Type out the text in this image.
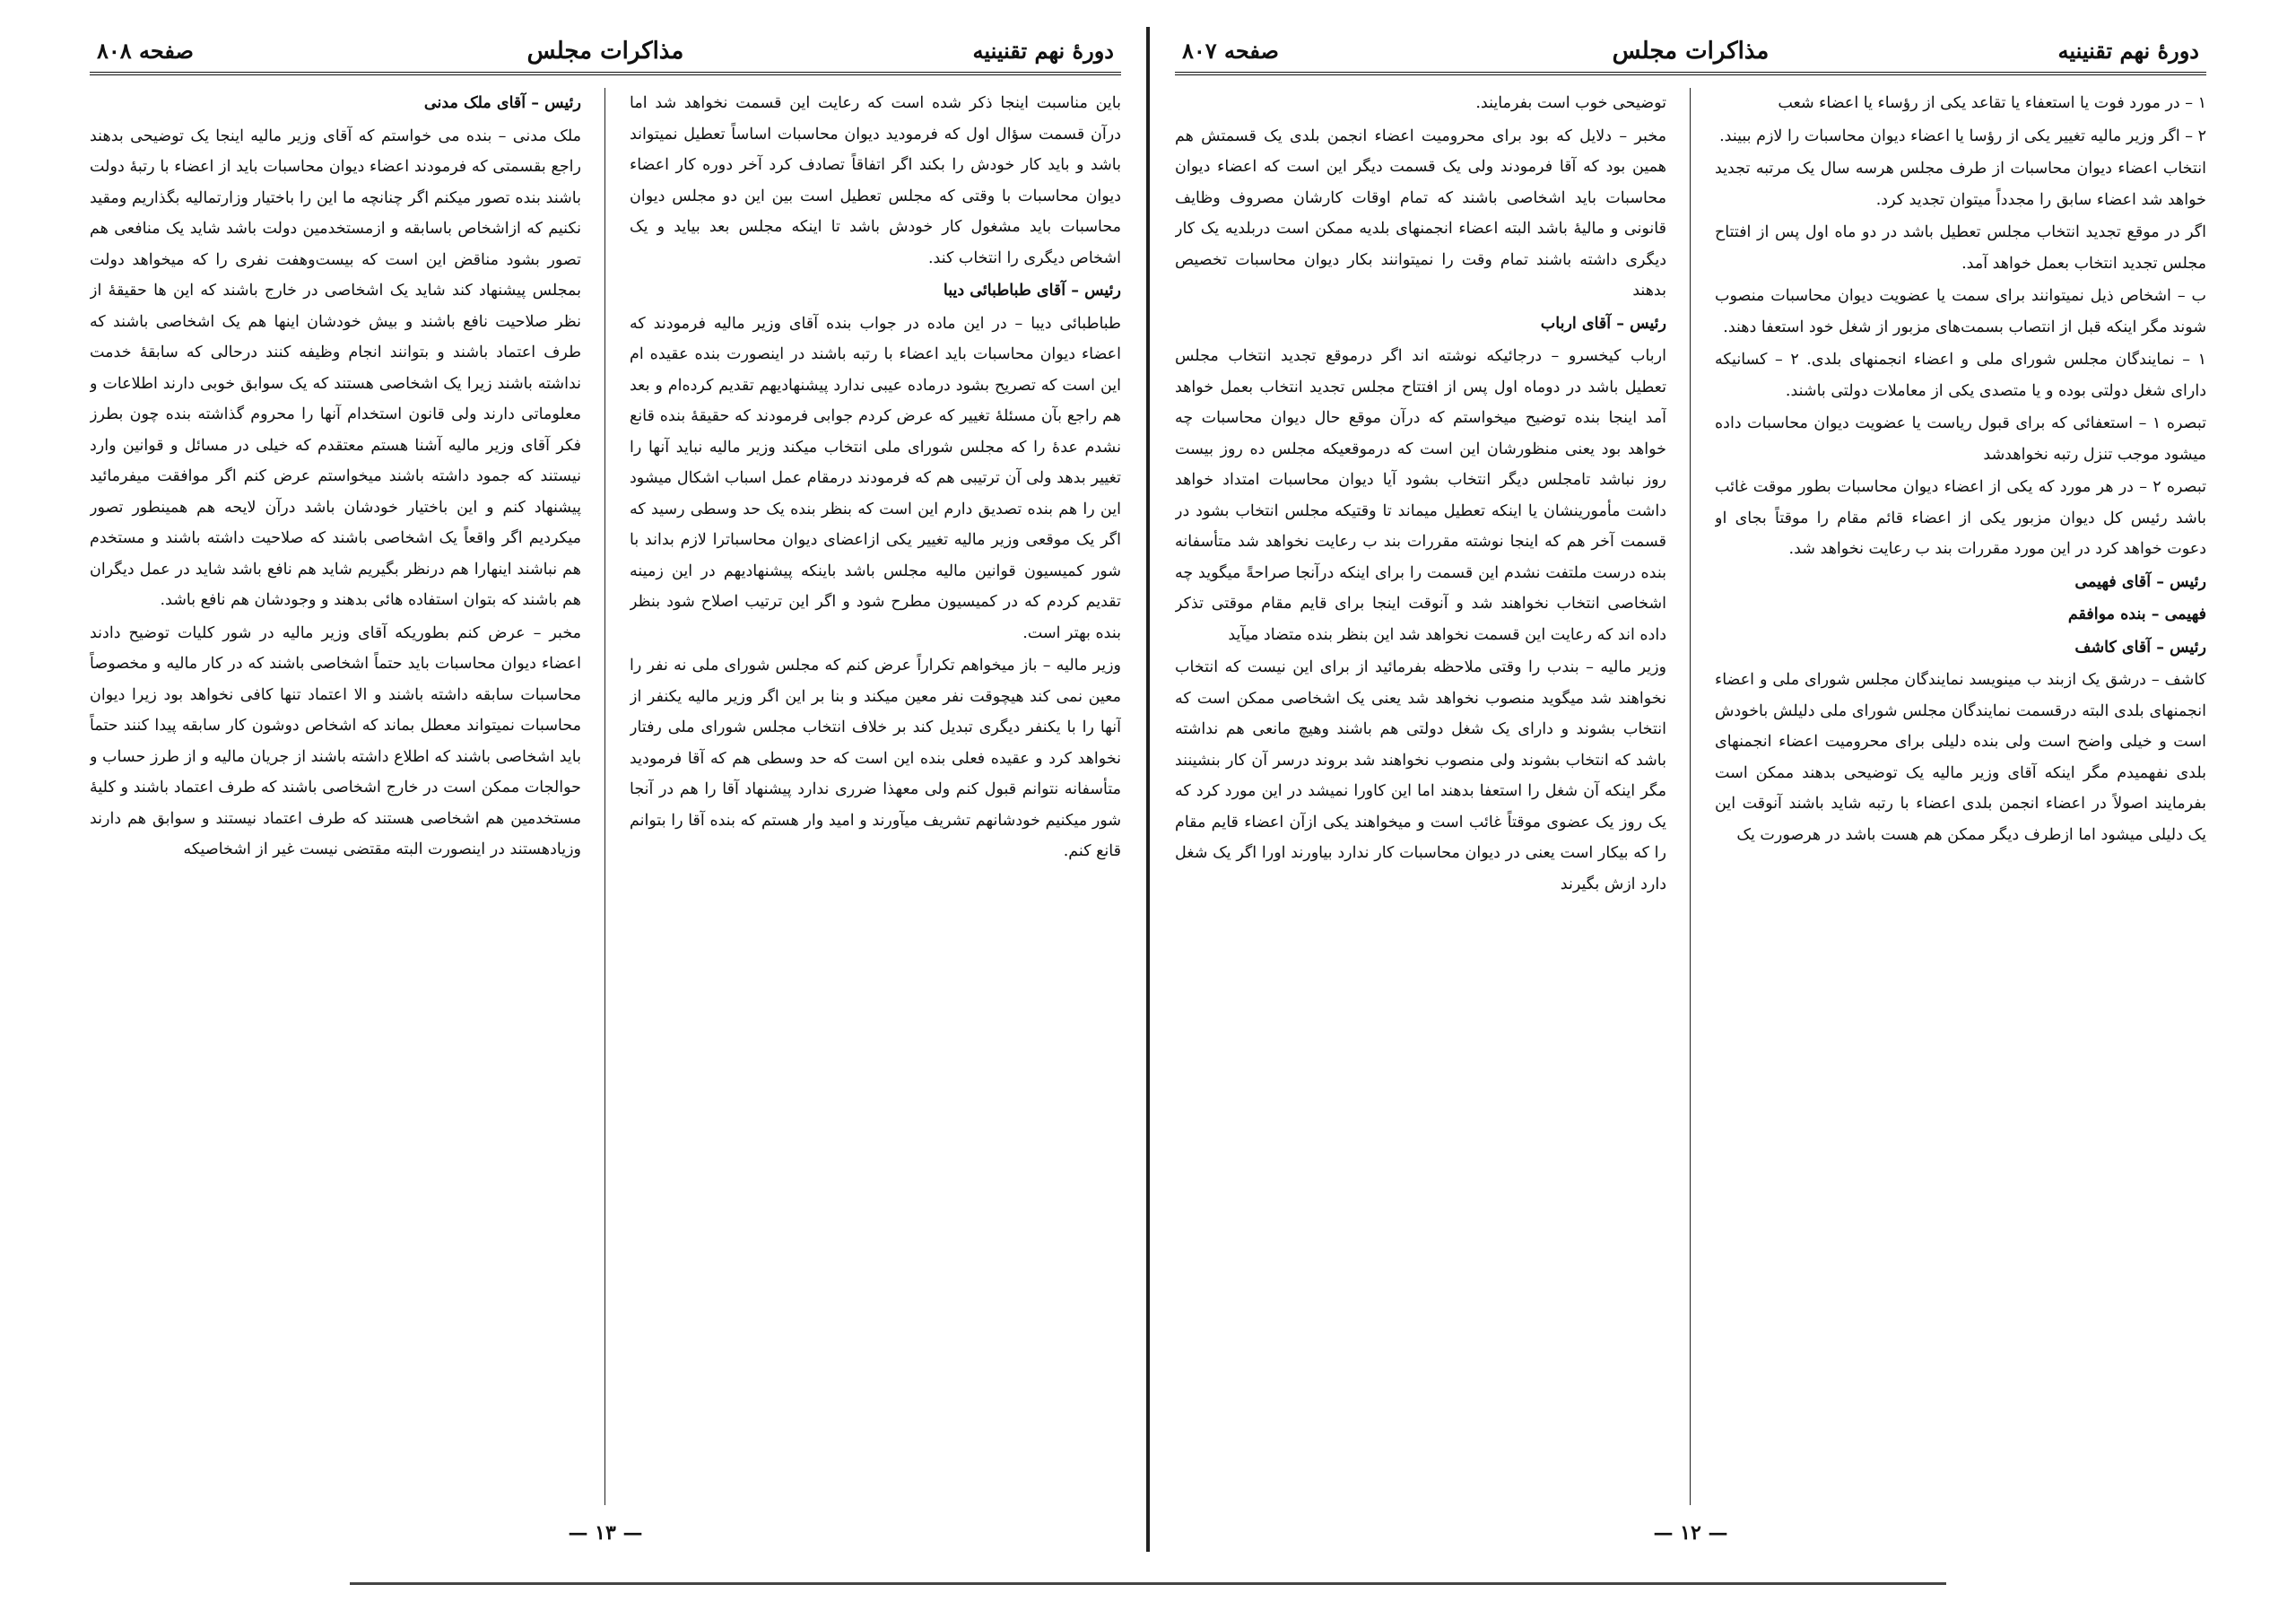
دورهٔ نهم تقنینیه
مذاکرات مجلس
صفحه ۸۰۸

باین مناسبت اینجا ذکر شده است که رعایت این قسمت نخواهد شد اما درآن قسمت سؤال اول که فرمودید دیوان محاسبات اساساً تعطیل نمیتواند باشد و باید کار خودش را بکند اگر اتفاقاً تصادف کرد آخر دوره کار اعضاء دیوان محاسبات با وقتی که مجلس تعطیل است بین این دو مجلس دیوان محاسبات باید مشغول کار خودش باشد تا اینکه مجلس بعد بیاید و یک اشخاص دیگری را انتخاب کند.

رئیس – آقای طباطبائی دیبا

طباطبائی دیبا – در این ماده در جواب بنده آقای وزیر مالیه فرمودند که اعضاء دیوان محاسبات باید اعضاء با رتبه باشند در اینصورت بنده عقیده ام این است که تصریح بشود درماده عیبی ندارد پیشنهادیهم تقدیم کرده‌ام و بعد هم راجع بآن مسئلهٔ تغییر که عرض کردم جوابی فرمودند که حقیقهٔ بنده قانع نشدم عده‌ٔ را که مجلس شورای ملی انتخاب میکند وزیر مالیه نباید آنها را تغییر بدهد ولی آن ترتیبی هم که فرمودند درمقام عمل اسباب اشکال میشود این را هم بنده تصدیق دارم این است که بنظر بنده یک حد وسطی رسید که اگر یک موقعی وزیر مالیه تغییر یکی ازاعضای دیوان محاسباترا لازم بداند با شور کمیسیون قوانین مالیه مجلس باشد باینکه پیشنهادیهم در این زمینه تقدیم کردم که در کمیسیون مطرح شود و اگر این ترتیب اصلاح شود بنظر بنده بهتر است.

وزیر مالیه – باز میخواهم تکراراً عرض کنم که مجلس شورای ملی نه نفر را معین نمی کند هیچوقت نفر معین میکند و بنا بر این اگر وزیر مالیه یکنفر از آنها را با یکنفر دیگری تبدیل کند بر خلاف انتخاب مجلس شورای ملی رفتار نخواهد کرد و عقیده فعلی بنده این است که حد وسطی هم که آقا فرمودید متأسفانه نتوانم قبول کنم ولی معهذا ضرری ندارد پیشنهاد آقا را هم در آنجا شور میکنیم خودشانهم تشریف میآورند و امید وار هستم که بنده آقا را بتوانم قانع کنم.

رئیس – آقای ملک مدنی

ملک مدنی – بنده می خواستم که آقای وزیر مالیه اینجا یک توضیحی بدهند راجع بقسمتی که فرمودند اعضاء دیوان محاسبات باید از اعضاء با رتبهٔ دولت باشند بنده تصور میکنم اگر چنانچه ما این را باختیار وزارتمالیه بگذاریم ومقید نکنیم که ازاشخاص باسابقه و ازمستخدمین دولت باشد شاید یک منافعی هم تصور بشود مناقض این است که بیست‌وهفت نفری را که میخواهد دولت بمجلس پیشنهاد کند شاید یک اشخاصی در خارج باشند که این ها حقیقهٔ از نظر صلاحیت نافع باشند و بیش خودشان اینها هم یک اشخاصی باشند که طرف اعتماد باشند و بتوانند انجام وظیفه کنند درحالی که سابقهٔ خدمت نداشته باشند زیرا یک اشخاصی هستند که یک سوابق خوبی دارند اطلاعات و معلوماتی دارند ولی قانون استخدام آنها را محروم گذاشته بنده چون بطرز فکر آقای وزیر مالیه آشنا هستم معتقدم که خیلی در مسائل و قوانین وارد نیستند که جمود داشته باشند میخواستم عرض کنم اگر موافقت میفرمائید پیشنهاد کنم و این باختیار خودشان باشد درآن لایحه هم همینطور تصور میکردیم اگر واقعاً یک اشخاصی باشند که صلاحیت داشته باشند و مستخدم هم نباشند اینهارا هم درنظر بگیریم شاید هم نافع باشد شاید در عمل دیگران هم باشند که بتوان استفاده هائی بدهند و وجودشان هم نافع باشد.

مخبر – عرض کنم بطوریکه آقای وزیر مالیه در شور کلیات توضیح دادند اعضاء دیوان محاسبات باید حتماً اشخاصی باشند که در کار مالیه و مخصوصاً محاسبات سابقه داشته باشند و الا اعتماد تنها کافی نخواهد بود زیرا دیوان محاسبات نمیتواند معطل بماند که اشخاص دوشون کار سابقه پیدا کنند حتماً باید اشخاصی باشند که اطلاع داشته باشند از جریان مالیه و از طرز حساب و حوالجات ممکن است در خارج اشخاصی باشند که طرف اعتماد باشند و کلیهٔ مستخدمین هم اشخاصی هستند که طرف اعتماد نیستند و سوابق هم دارند وزیادهستند در اینصورت البته مقتضی نیست غیر از اشخاصیکه

— ۱۳ —
دورهٔ نهم تقنینیه
مذاکرات مجلس
صفحه ۸۰۷

۱ – در مورد فوت یا استعفاء یا تقاعد یکی از رؤساء یا اعضاء شعب

۲ – اگر وزیر مالیه تغییر یکی از رؤسا یا اعضاء دیوان محاسبات را لازم ببیند.

انتخاب اعضاء دیوان محاسبات از طرف مجلس هرسه سال یک مرتبه تجدید خواهد شد اعضاء سابق را مجدداً میتوان تجدید کرد.

اگر در موقع تجدید انتخاب مجلس تعطیل باشد در دو ماه اول پس از افتتاح مجلس تجدید انتخاب بعمل خواهد آمد.

ب – اشخاص ذیل نمیتوانند برای سمت یا عضویت دیوان محاسبات منصوب شوند مگر اینکه قبل از انتصاب بسمت‌های مزبور از شغل خود استعفا دهند.

۱ – نمایندگان مجلس شورای ملی و اعضاء انجمنهای بلدی. ۲ – کسانیکه دارای شغل دولتی بوده و یا متصدی یکی از معاملات دولتی باشند.

تبصره ۱ – استعفائی که برای قبول ریاست یا عضویت دیوان محاسبات داده میشود موجب تنزل رتبه نخواهدشد

تبصره ۲ – در هر مورد که یکی از اعضاء دیوان محاسبات بطور موقت غائب باشد رئیس کل دیوان مزبور یکی از اعضاء قائم مقام را موقتاً بجای او دعوت خواهد کرد در این مورد مقررات بند ب رعایت نخواهد شد.

رئیس – آقای فهیمی

فهیمی – بنده موافقم

رئیس – آقای کاشف

کاشف – درشق یک ازبند ب مینویسد نمایندگان مجلس شورای ملی و اعضاء انجمنهای بلدی البته درقسمت نمایندگان مجلس شورای ملی دلیلش باخودش است و خیلی واضح است ولی بنده دلیلی برای محرومیت اعضاء انجمنهای بلدی نفهمیدم مگر اینکه آقای وزیر مالیه یک توضیحی بدهند ممکن است بفرمایند اصولاً در اعضاء انجمن بلدی اعضاء با رتبه شاید باشند آنوقت این یک دلیلی میشود اما ازطرف دیگر ممکن هم هست باشد در هرصورت یک

توضیحی خوب است بفرمایند.

مخبر – دلایل که بود برای محرومیت اعضاء انجمن بلدی یک قسمتش هم همین بود که آقا فرمودند ولی یک قسمت دیگر این است که اعضاء دیوان محاسبات باید اشخاصی باشند که تمام اوقات کارشان مصروف وظایف قانونی و مالیهٔ باشد البته اعضاء انجمنهای بلدیه ممکن است دربلدیه یک کار دیگری داشته باشند تمام وقت را نمیتوانند بکار دیوان محاسبات تخصیص بدهند

رئیس – آقای ارباب

ارباب کیخسرو – درجائیکه نوشته اند اگر درموقع تجدید انتخاب مجلس تعطیل باشد در دوماه اول پس از افتتاح مجلس تجدید انتخاب بعمل خواهد آمد اینجا بنده توضیح میخواستم که درآن موقع حال دیوان محاسبات چه خواهد بود یعنی منظورشان این است که درموقعیکه مجلس ده روز بیست روز نباشد تامجلس دیگر انتخاب بشود آیا دیوان محاسبات امتداد خواهد داشت مأمورینشان یا اینکه تعطیل میماند تا وقتیکه مجلس انتخاب بشود در قسمت آخر هم که اینجا نوشته مقررات بند ب رعایت نخواهد شد متأسفانه بنده درست ملتفت نشدم این قسمت را برای اینکه درآنجا صراحةً میگوید چه اشخاصی انتخاب نخواهند شد و آنوقت اینجا برای قایم مقام موقتی تذکر داده اند که رعایت این قسمت نخواهد شد این بنظر بنده متضاد میآید

وزیر مالیه – بندب را وقتی ملاحظه بفرمائید از برای این نیست که انتخاب نخواهند شد میگوید منصوب نخواهد شد یعنی یک اشخاصی ممکن است که انتخاب بشوند و دارای یک شغل دولتی هم باشند وهیچ مانعی هم نداشته باشد که انتخاب بشوند ولی منصوب نخواهند شد بروند درسر آن کار بنشینند مگر اینکه آن شغل را استعفا بدهند اما این کاورا نمیشد در این مورد کرد که یک روز یک عضوی موقتاً غائب است و میخواهند یکی ازآن اعضاء قایم مقام را که بیکار است یعنی در دیوان محاسبات کار ندارد بیاورند اورا اگر یک شغل دارد ازش بگیرند

— ۱۲ —
